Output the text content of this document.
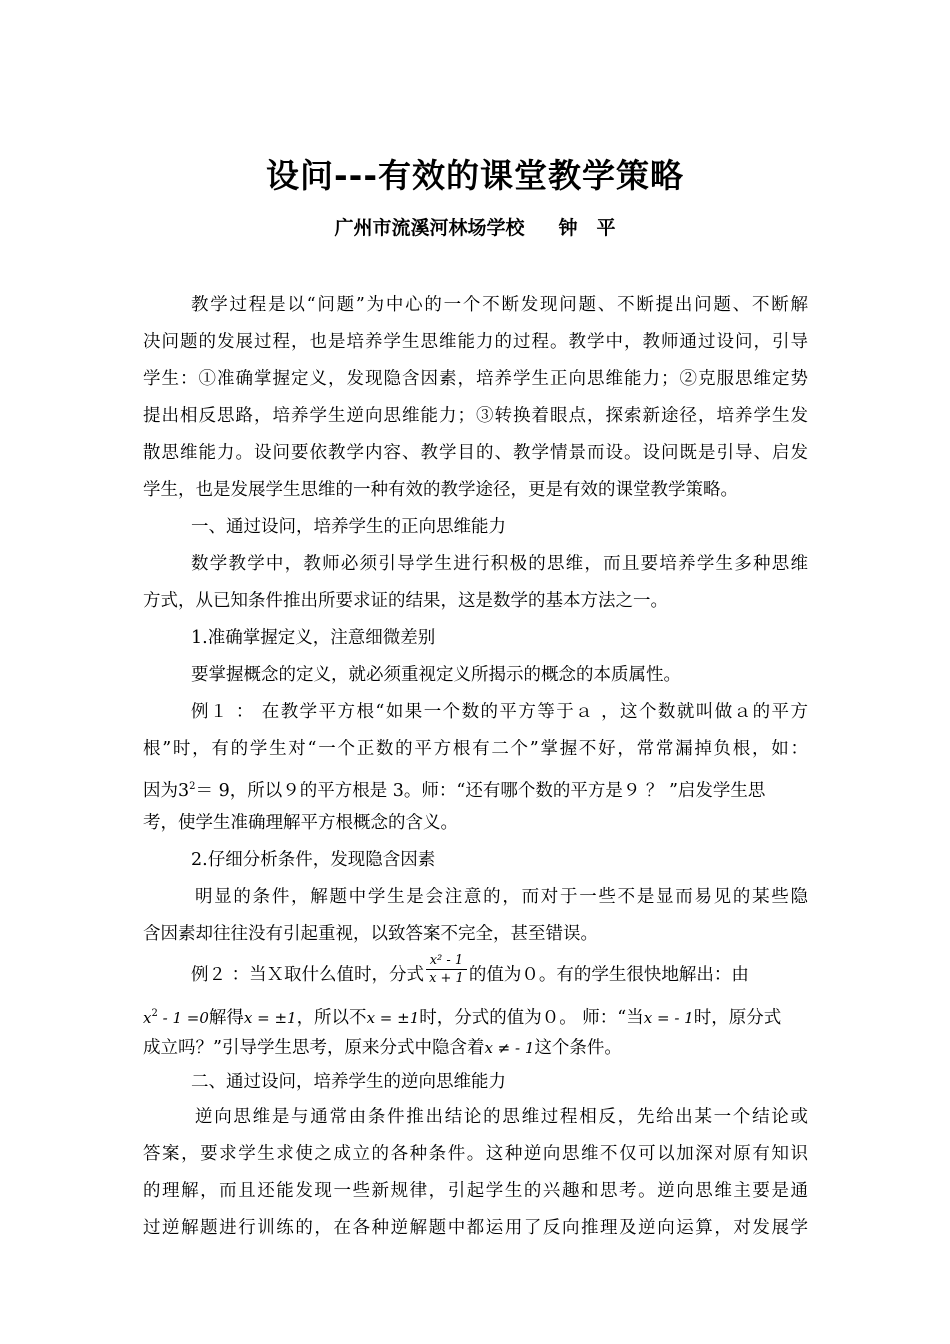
设问---有效的课堂教学策略
广州市流溪河林场学校 钟　平
教学过程是以“问题”为中心的一个不断发现问题、不断提出问题、不断解
决问题的发展过程，也是培养学生思维能力的过程。教学中，教师通过设问，引导
学生：①准确掌握定义，发现隐含因素，培养学生正向思维能力；②克服思维定势
提出相反思路，培养学生逆向思维能力；③转换着眼点，探索新途径，培养学生发
散思维能力。设问要依教学内容、教学目的、教学情景而设。设问既是引导、启发
学生，也是发展学生思维的一种有效的教学途径，更是有效的课堂教学策略。
一、通过设问，培养学生的正向思维能力
数学教学中，教师必须引导学生进行积极的思维，而且要培养学生多种思维
方式，从已知条件推出所要求证的结果，这是数学的基本方法之一。
1.准确掌握定义，注意细微差别
要掌握概念的定义，就必须重视定义所揭示的概念的本质属性。
例１ ： 在教学平方根“如果一个数的平方等于ａ ，这个数就叫做ａ的平方
根”时，有的学生对“一个正数的平方根有二个”掌握不好，常常漏掉负根，如：
因为$3^2= 9$，所以９的平方根是 3。师：“还有哪个数的平方是９ ？ ”启发学生思
考，使学生准确理解平方根概念的含义。
2.仔细分析条件，发现隐含因素
明显的条件，解题中学生是会注意的，而对于一些不是显而易见的某些隐
含因素却往往没有引起重视，以致答案不完全，甚至错误。
例２ ：当Ｘ取什么值时，分式 $\frac{\text{x² - 1}}{x + 1}$ 的值为０。有的学生很快地解出：由
$x^2 - 1 =0$解得x = ±1，所以不x = ±1时，分式的值为０。 师：“当x = - 1时，原分式
成立吗？”引导学生思考，原来分式中隐含着x ≠ - 1这个条件。
二、通过设问，培养学生的逆向思维能力
逆向思维是与通常由条件推出结论的思维过程相反，先给出某一个结论或
答案，要求学生求使之成立的各种条件。这种逆向思维不仅可以加深对原有知识
的理解，而且还能发现一些新规律，引起学生的兴趣和思考。逆向思维主要是通
过逆解题进行训练的，在各种逆解题中都运用了反向推理及逆向运算，对发展学
